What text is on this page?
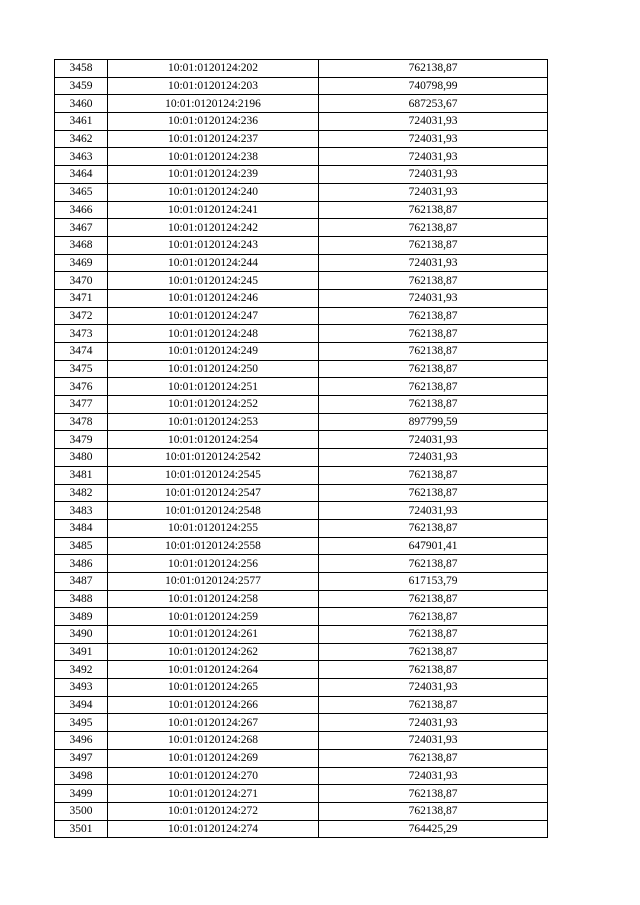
3458	10:01:0120124:202	762138,87
3459	10:01:0120124:203	740798,99
3460	10:01:0120124:2196	687253,67
3461	10:01:0120124:236	724031,93
3462	10:01:0120124:237	724031,93
3463	10:01:0120124:238	724031,93
3464	10:01:0120124:239	724031,93
3465	10:01:0120124:240	724031,93
3466	10:01:0120124:241	762138,87
3467	10:01:0120124:242	762138,87
3468	10:01:0120124:243	762138,87
3469	10:01:0120124:244	724031,93
3470	10:01:0120124:245	762138,87
3471	10:01:0120124:246	724031,93
3472	10:01:0120124:247	762138,87
3473	10:01:0120124:248	762138,87
3474	10:01:0120124:249	762138,87
3475	10:01:0120124:250	762138,87
3476	10:01:0120124:251	762138,87
3477	10:01:0120124:252	762138,87
3478	10:01:0120124:253	897799,59
3479	10:01:0120124:254	724031,93
3480	10:01:0120124:2542	724031,93
3481	10:01:0120124:2545	762138,87
3482	10:01:0120124:2547	762138,87
3483	10:01:0120124:2548	724031,93
3484	10:01:0120124:255	762138,87
3485	10:01:0120124:2558	647901,41
3486	10:01:0120124:256	762138,87
3487	10:01:0120124:2577	617153,79
3488	10:01:0120124:258	762138,87
3489	10:01:0120124:259	762138,87
3490	10:01:0120124:261	762138,87
3491	10:01:0120124:262	762138,87
3492	10:01:0120124:264	762138,87
3493	10:01:0120124:265	724031,93
3494	10:01:0120124:266	762138,87
3495	10:01:0120124:267	724031,93
3496	10:01:0120124:268	724031,93
3497	10:01:0120124:269	762138,87
3498	10:01:0120124:270	724031,93
3499	10:01:0120124:271	762138,87
3500	10:01:0120124:272	762138,87
3501	10:01:0120124:274	764425,29
